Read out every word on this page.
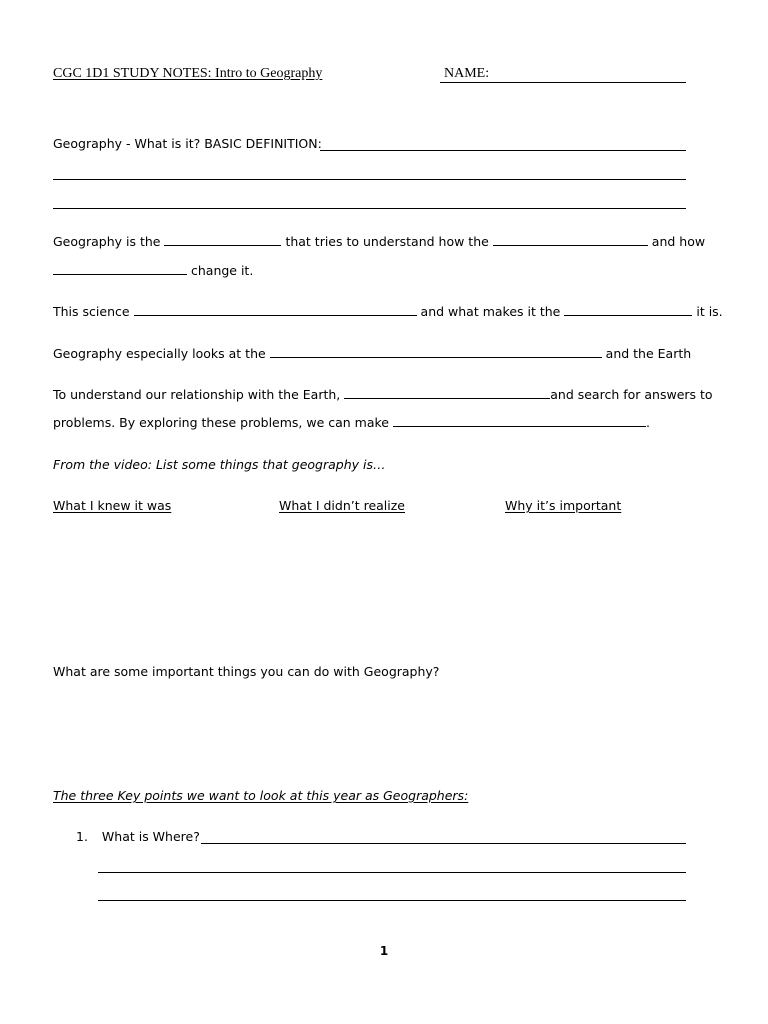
CGC 1D1 STUDY NOTES: Intro to Geography	NAME:
Geography - What is it? BASIC DEFINITION:
Geography is the	that tries to understand how the	and how
change it.
This science	and what makes it the	it is.
Geography especially looks at the	and the Earth
To understand our relationship with the Earth,	and search for answers to
problems. By exploring these problems, we can make	.
From the video: List some things that geography is…
What I knew it was	What I didn’t realize	Why it’s important
What are some important things you can do with Geography?
The three Key points we want to look at this year as Geographers:
1. What is Where?
1
